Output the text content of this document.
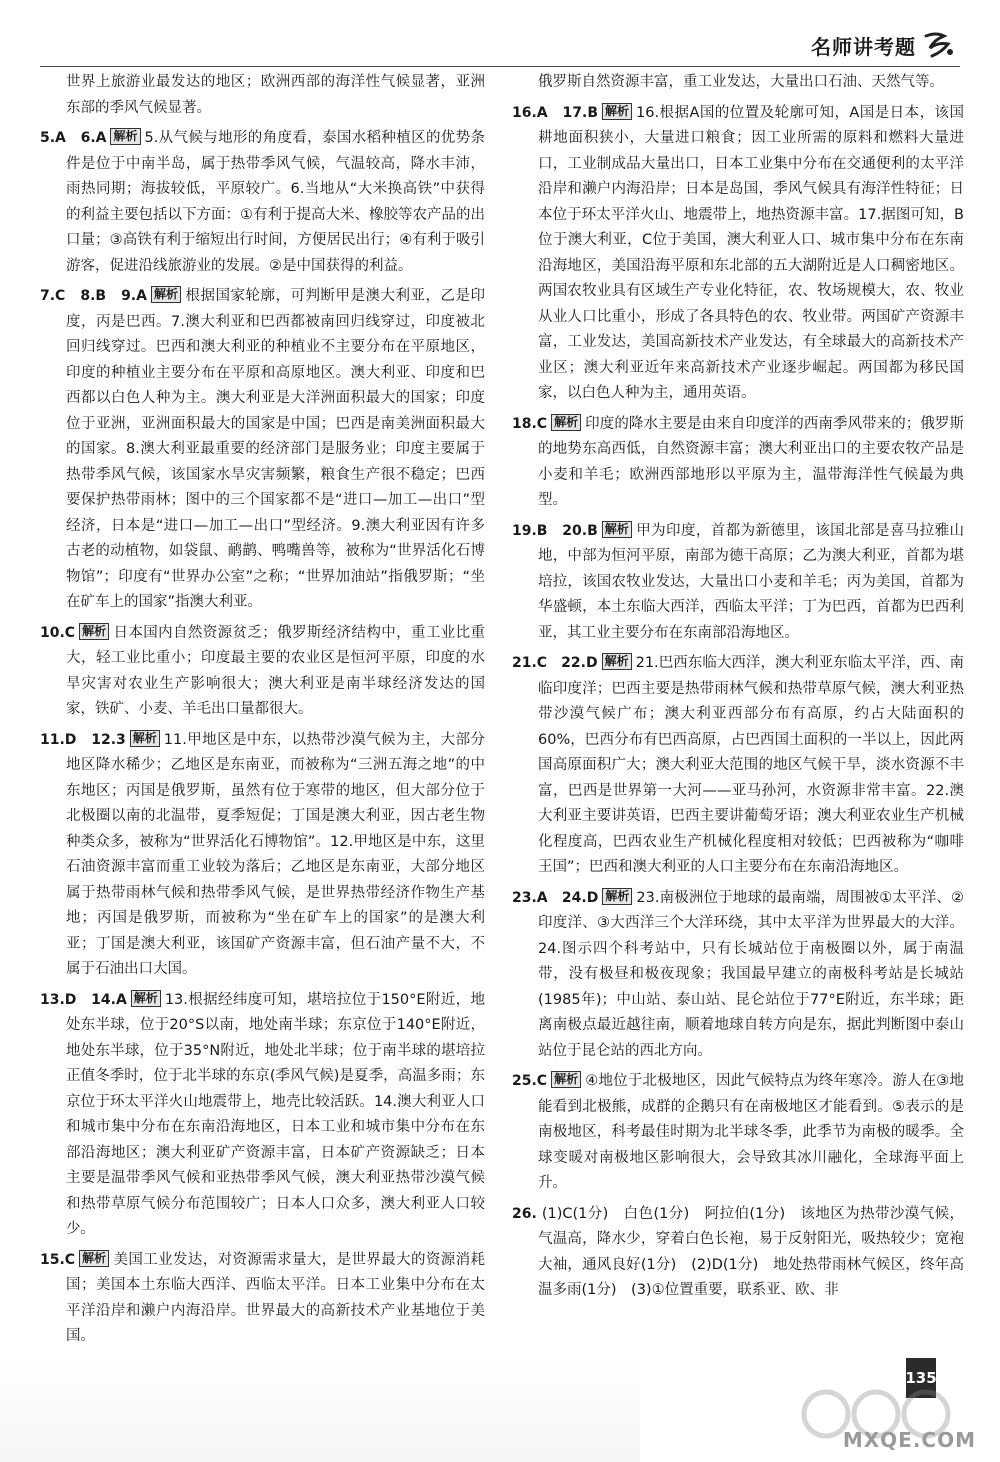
名师讲考题
世界上旅游业最发达的地区；欧洲西部的海洋性气候显著，亚洲东部的季风气候显著。
5.A　6.A 解析 5.从气候与地形的角度看，泰国水稻种植区的优势条件是位于中南半岛，属于热带季风气候，气温较高，降水丰沛，雨热同期；海拔较低，平原较广。6.当地从“大米换高铁”中获得的利益主要包括以下方面：①有利于提高大米、橡胶等农产品的出口量；③高铁有利于缩短出行时间，方便居民出行；④有利于吸引游客，促进沿线旅游业的发展。②是中国获得的利益。
7.C　8.B　9.A 解析 根据国家轮廓，可判断甲是澳大利亚，乙是印度，丙是巴西。7.澳大利亚和巴西都被南回归线穿过，印度被北回归线穿过。巴西和澳大利亚的种植业不主要分布在平原地区，印度的种植业主要分布在平原和高原地区。澳大利亚、印度和巴西都以白色人种为主。澳大利亚是大洋洲面积最大的国家；印度位于亚洲，亚洲面积最大的国家是中国；巴西是南美洲面积最大的国家。8.澳大利亚最重要的经济部门是服务业；印度主要属于热带季风气候，该国家水旱灾害频繁，粮食生产很不稳定；巴西要保护热带雨林；图中的三个国家都不是“进口—加工—出口”型经济，日本是“进口—加工—出口”型经济。9.澳大利亚因有许多古老的动植物，如袋鼠、鸸鹋、鸭嘴兽等，被称为“世界活化石博物馆”；印度有“世界办公室”之称；“世界加油站”指俄罗斯；“坐在矿车上的国家”指澳大利亚。
10.C 解析 日本国内自然资源贫乏；俄罗斯经济结构中，重工业比重大，轻工业比重小；印度最主要的农业区是恒河平原，印度的水旱灾害对农业生产影响很大；澳大利亚是南半球经济发达的国家，铁矿、小麦、羊毛出口量都很大。
11.D　12.3 解析 11.甲地区是中东，以热带沙漠气候为主，大部分地区降水稀少；乙地区是东南亚，而被称为“三洲五海之地”的中东地区；丙国是俄罗斯，虽然有位于寒带的地区，但大部分位于北极圈以南的北温带，夏季短促；丁国是澳大利亚，因古老生物种类众多，被称为“世界活化石博物馆”。12.甲地区是中东，这里石油资源丰富而重工业较为落后；乙地区是东南亚，大部分地区属于热带雨林气候和热带季风气候，是世界热带经济作物生产基地；丙国是俄罗斯，而被称为“坐在矿车上的国家”的是澳大利亚；丁国是澳大利亚，该国矿产资源丰富，但石油产量不大，不属于石油出口大国。
13.D　14.A 解析 13.根据经纬度可知，堪培拉位于150°E附近，地处东半球，位于20°S以南，地处南半球；东京位于140°E附近，地处东半球，位于35°N附近，地处北半球；位于南半球的堪培拉正值冬季时，位于北半球的东京(季风气候)是夏季，高温多雨；东京位于环太平洋火山地震带上，地壳比较活跃。14.澳大利亚人口和城市集中分布在东南沿海地区，日本工业和城市集中分布在东部沿海地区；澳大利亚矿产资源丰富，日本矿产资源缺乏；日本主要是温带季风气候和亚热带季风气候，澳大利亚热带沙漠气候和热带草原气候分布范围较广；日本人口众多，澳大利亚人口较少。
15.C 解析 美国工业发达，对资源需求量大，是世界最大的资源消耗国；美国本土东临大西洋、西临太平洋。日本工业集中分布在太平洋沿岸和濑户内海沿岸。世界最大的高新技术产业基地位于美国。
俄罗斯自然资源丰富，重工业发达，大量出口石油、天然气等。
16.A　17.B 解析 16.根据A国的位置及轮廓可知，A国是日本，该国耕地面积狭小，大量进口粮食；因工业所需的原料和燃料大量进口，工业制成品大量出口，日本工业集中分布在交通便利的太平洋沿岸和濑户内海沿岸；日本是岛国，季风气候具有海洋性特征；日本位于环太平洋火山、地震带上，地热资源丰富。17.据图可知，B位于澳大利亚，C位于美国，澳大利亚人口、城市集中分布在东南沿海地区，美国沿海平原和东北部的五大湖附近是人口稠密地区。两国农牧业具有区域生产专业化特征，农、牧场规模大，农、牧业从业人口比重小，形成了各具特色的农、牧业带。两国矿产资源丰富，工业发达，美国高新技术产业发达，有全球最大的高新技术产业区；澳大利亚近年来高新技术产业逐步崛起。两国都为移民国家，以白色人种为主，通用英语。
18.C 解析 印度的降水主要是由来自印度洋的西南季风带来的；俄罗斯的地势东高西低，自然资源丰富；澳大利亚出口的主要农牧产品是小麦和羊毛；欧洲西部地形以平原为主，温带海洋性气候最为典型。
19.B　20.B 解析 甲为印度，首都为新德里，该国北部是喜马拉雅山地，中部为恒河平原，南部为德干高原；乙为澳大利亚，首都为堪培拉，该国农牧业发达，大量出口小麦和羊毛；丙为美国，首都为华盛顿，本土东临大西洋，西临太平洋；丁为巴西，首都为巴西利亚，其工业主要分布在东南部沿海地区。
21.C　22.D 解析 21.巴西东临大西洋，澳大利亚东临太平洋，西、南临印度洋；巴西主要是热带雨林气候和热带草原气候，澳大利亚热带沙漠气候广布；澳大利亚西部分布有高原，约占大陆面积的60%，巴西分布有巴西高原，占巴西国土面积的一半以上，因此两国高原面积广大；澳大利亚大范围的地区气候干旱，淡水资源不丰富，巴西是世界第一大河——亚马孙河，水资源非常丰富。22.澳大利亚主要讲英语，巴西主要讲葡萄牙语；澳大利亚农业生产机械化程度高，巴西农业生产机械化程度相对较低；巴西被称为“咖啡王国”；巴西和澳大利亚的人口主要分布在东南沿海地区。
23.A　24.D 解析 23.南极洲位于地球的最南端，周围被①太平洋、②印度洋、③大西洋三个大洋环绕，其中太平洋为世界最大的大洋。24.图示四个科考站中，只有长城站位于南极圈以外，属于南温带，没有极昼和极夜现象；我国最早建立的南极科考站是长城站(1985年)；中山站、泰山站、昆仑站位于77°E附近，东半球；距离南极点最近越往南，顺着地球自转方向是东，据此判断图中泰山站位于昆仑站的西北方向。
25.C 解析 ④地位于北极地区，因此气候特点为终年寒冷。游人在③地能看到北极熊，成群的企鹅只有在南极地区才能看到。⑤表示的是南极地区，科考最佳时期为北半球冬季，此季节为南极的暖季。全球变暖对南极地区影响很大，会导致其冰川融化，全球海平面上升。
26. (1)C(1分)　白色(1分)　阿拉伯(1分)　该地区为热带沙漠气候，气温高，降水少，穿着白色长袍，易于反射阳光，吸热较少；宽袍大袖，通风良好(1分)　(2)D(1分)　地处热带雨林气候区，终年高温多雨(1分)　(3)①位置重要，联系亚、欧、非
135
MXQE.COM
